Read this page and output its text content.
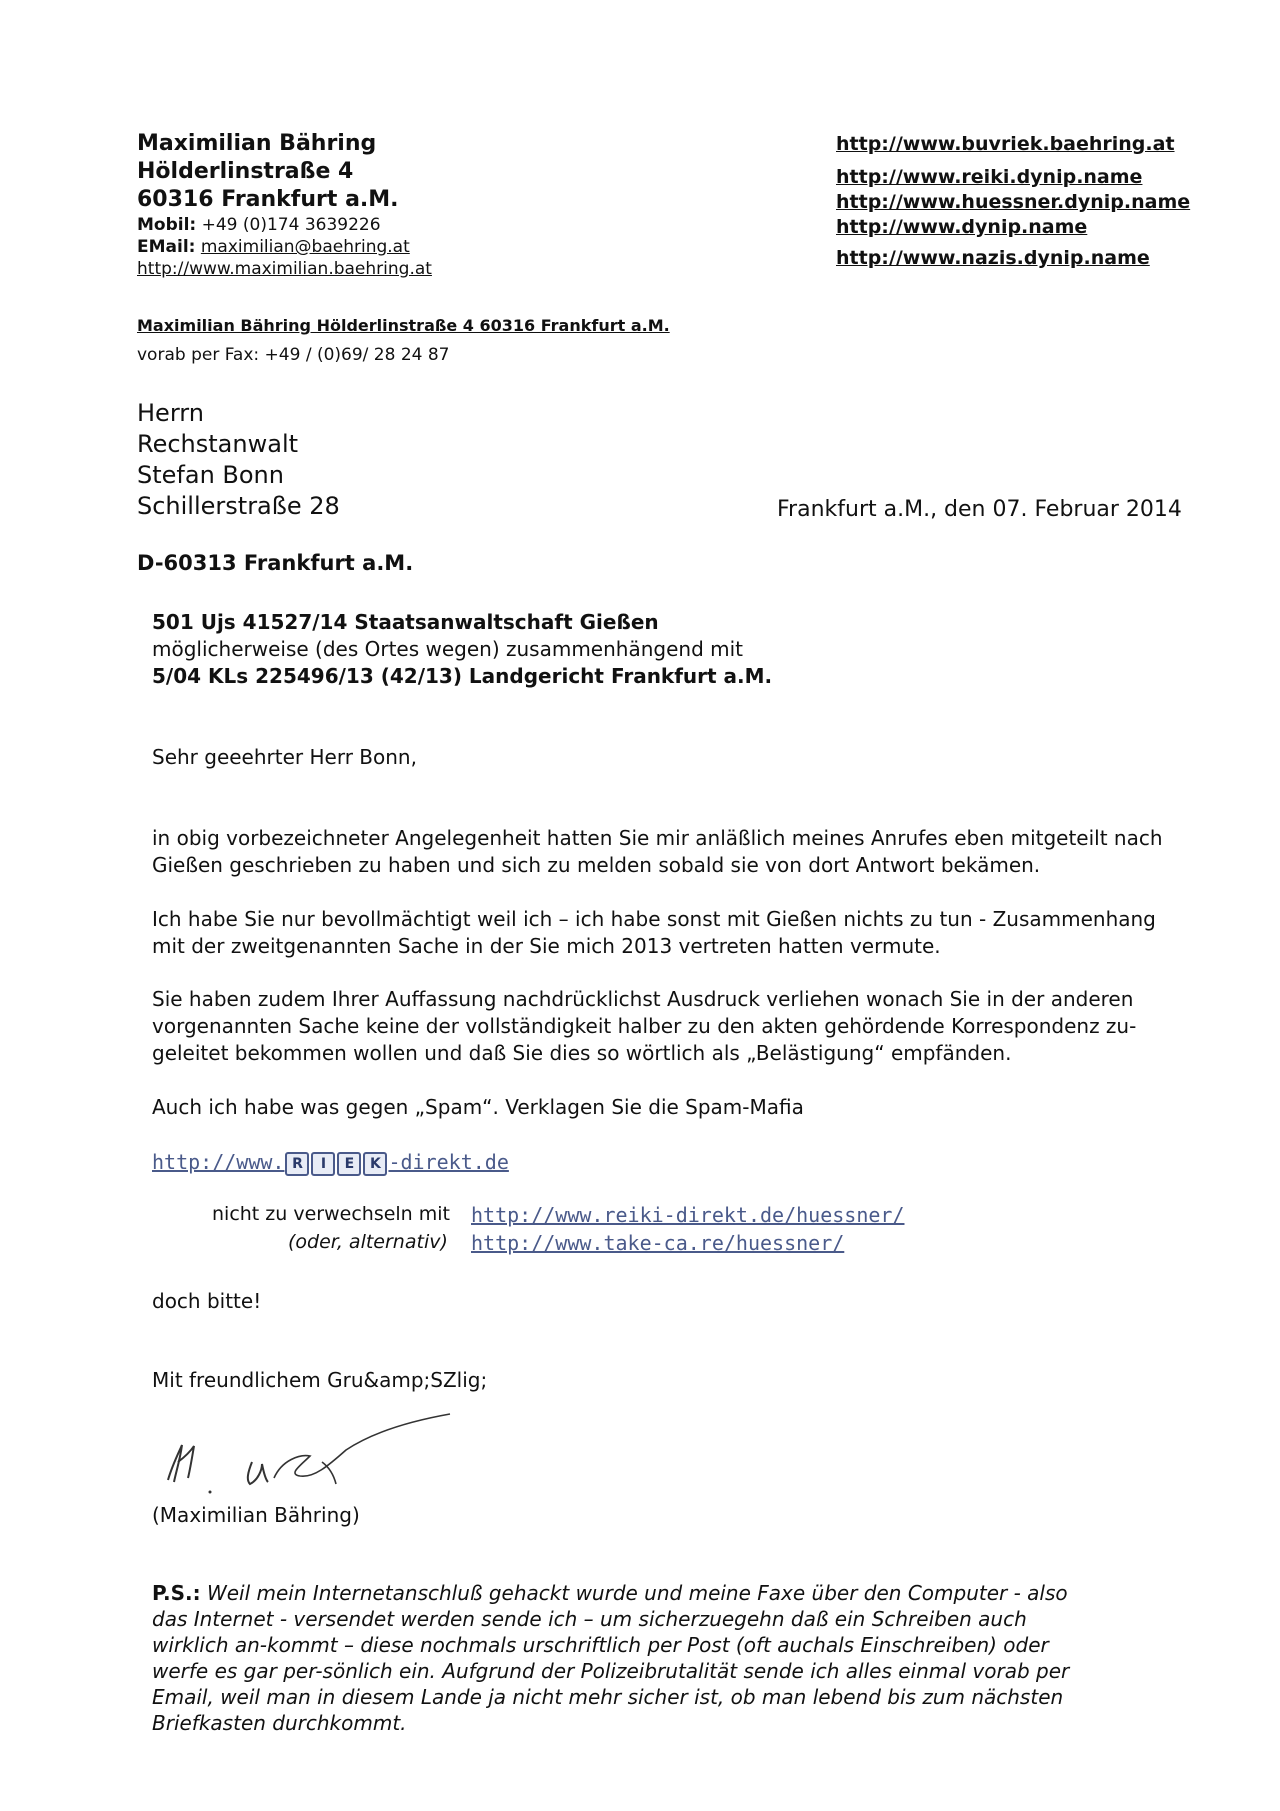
Maximilian Bähring
Hölderlinstraße 4
60316 Frankfurt a.M.
Mobil: +49 (0)174 3639226
EMail: maximilian@baehring.at
http://www.maximilian.baehring.at
http://www.buvriek.baehring.at
http://www.reiki.dynip.name
http://www.huessner.dynip.name
http://www.dynip.name
http://www.nazis.dynip.name
Maximilian Bähring Hölderlinstraße 4 60316 Frankfurt a.M.
vorab per Fax: +49 / (0)69/ 28 24 87
Herrn
Rechstanwalt
Stefan Bonn
Schillerstraße 28	Frankfurt a.M., den 07. Februar 2014
D-60313 Frankfurt a.M.
501 Ujs 41527/14 Staatsanwaltschaft Gießen
möglicherweise (des Ortes wegen) zusammenhängend mit
5/04 KLs 225496/13 (42/13) Landgericht Frankfurt a.M.
Sehr geeehrter Herr Bonn,
in obig vorbezeichneter Angelegenheit hatten Sie mir anläßlich meines Anrufes eben mitgeteilt nach
Gießen geschrieben zu haben und sich zu melden sobald sie von dort Antwort bekämen.
Ich habe Sie nur bevollmächtigt weil ich – ich habe sonst mit Gießen nichts zu tun - Zusammenhang
mit der zweitgenannten Sache in der Sie mich 2013 vertreten hatten vermute.
Sie haben zudem Ihrer Auffassung nachdrücklichst Ausdruck verliehen wonach Sie in der anderen
vorgenannten Sache keine der vollständigkeit halber zu den akten gehördende Korrespondenz zu-
geleitet bekommen wollen und daß Sie dies so wörtlich als „Belästigung“ empfänden.
Auch ich habe was gegen „Spam“. Verklagen Sie die Spam-Mafia
http://www. R I E K -direkt.de
nicht zu verwechseln mit http://www.reiki-direkt.de/huessner/
(oder, alternativ) http://www.take-ca.re/huessner/
doch bitte!
Mit freundlichem Gru&amp;SZlig;
(Maximilian Bähring)

P.S.: Weil mein Internetanschluß gehackt wurde und meine Faxe über den Computer - also das Internet - versendet werden sende ich – um sicherzuegehn daß ein Schreiben auch wirklich an-kommt – diese nochmals urschriftlich per Post (oft auchals Einschreiben) oder werfe es gar per-sönlich ein. Aufgrund der Polizeibrutalität sende ich alles einmal vorab per Email, weil man in diesem Lande ja nicht mehr sicher ist, ob man lebend bis zum nächsten Briefkasten durchkommt.
